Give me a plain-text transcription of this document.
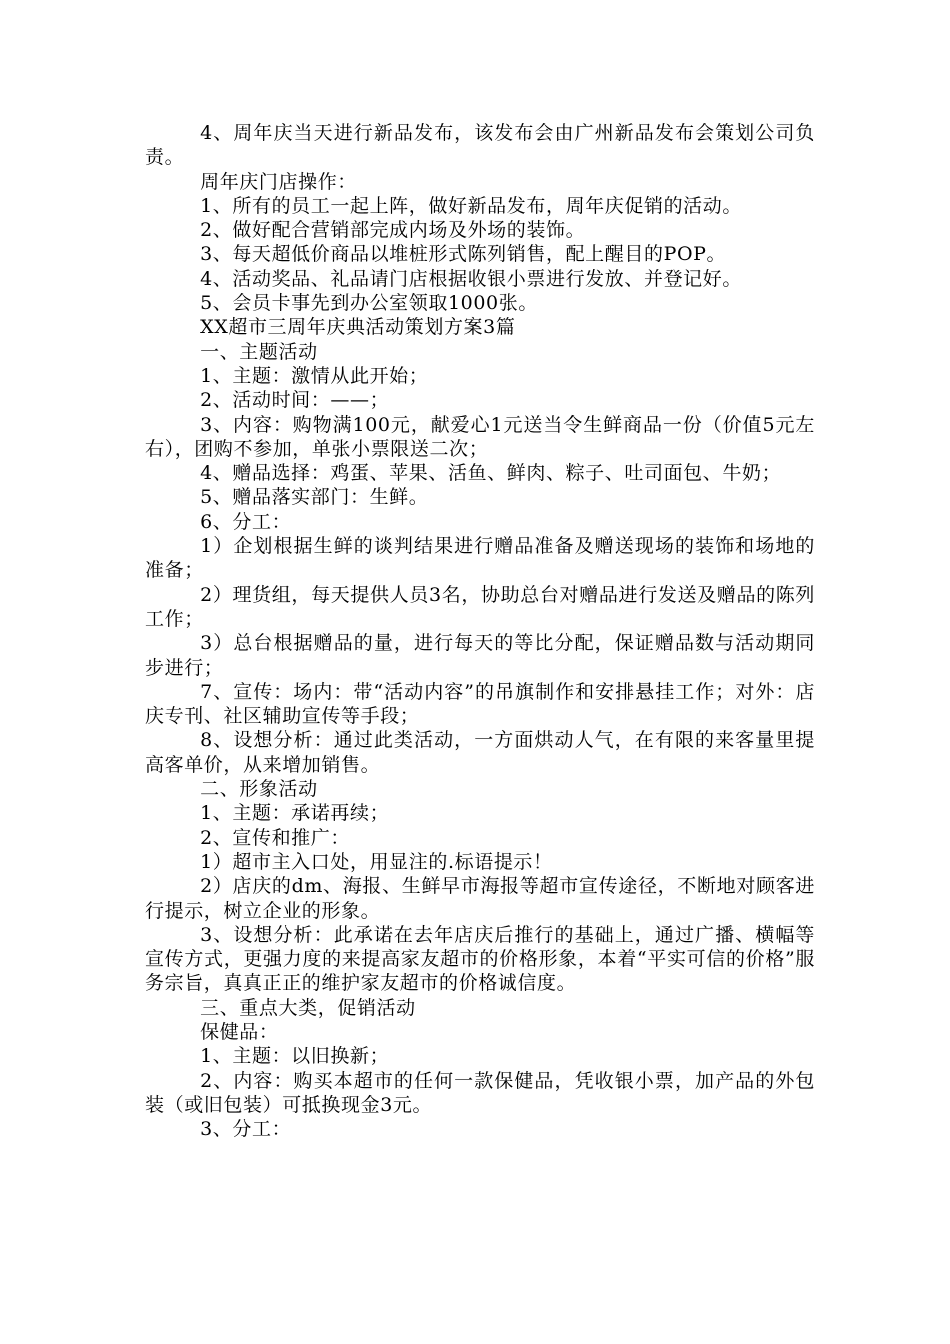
4、周年庆当天进行新品发布，该发布会由广州新品发布会策划公司负责。

周年庆门店操作：

1、所有的员工一起上阵，做好新品发布，周年庆促销的活动。

2、做好配合营销部完成内场及外场的装饰。

3、每天超低价商品以堆桩形式陈列销售，配上醒目的POP。

4、活动奖品、礼品请门店根据收银小票进行发放、并登记好。

5、会员卡事先到办公室领取1000张。

XX超市三周年庆典活动策划方案3篇

一、主题活动

1、主题：激情从此开始；

2、活动时间：——；

3、内容：购物满100元，献爱心1元送当令生鲜商品一份（价值5元左右），团购不参加，单张小票限送二次；

4、赠品选择：鸡蛋、苹果、活鱼、鲜肉、粽子、吐司面包、牛奶；

5、赠品落实部门：生鲜。

6、分工：

1）企划根据生鲜的谈判结果进行赠品准备及赠送现场的装饰和场地的准备；

2）理货组，每天提供人员3名，协助总台对赠品进行发送及赠品的陈列工作；

3）总台根据赠品的量，进行每天的等比分配，保证赠品数与活动期同步进行；

7、宣传：场内：带“活动内容”的吊旗制作和安排悬挂工作；对外：店庆专刊、社区辅助宣传等手段；

8、设想分析：通过此类活动，一方面烘动人气，在有限的来客量里提高客单价，从来增加销售。

二、形象活动

1、主题：承诺再续；

2、宣传和推广：

1）超市主入口处，用显注的.标语提示！

2）店庆的dm、海报、生鲜早市海报等超市宣传途径，不断地对顾客进行提示，树立企业的形象。

3、设想分析：此承诺在去年店庆后推行的基础上，通过广播、横幅等宣传方式，更强力度的来提高家友超市的价格形象，本着“平实可信的价格”服务宗旨，真真正正的维护家友超市的价格诚信度。

三、重点大类，促销活动

保健品：

1、主题：以旧换新；

2、内容：购买本超市的任何一款保健品，凭收银小票，加产品的外包装（或旧包装）可抵换现金3元。

3、分工：
